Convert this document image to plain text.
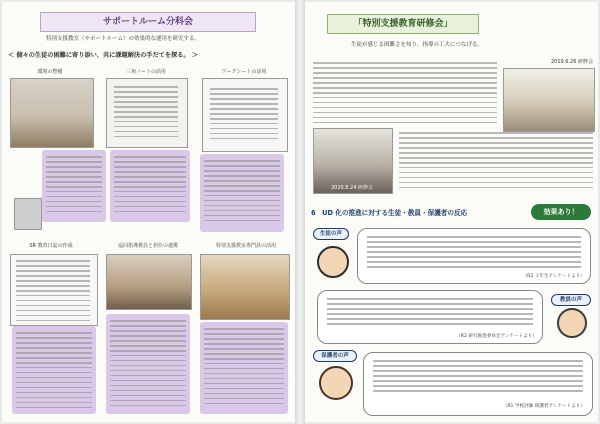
サポートルーム分科会
特別支援教室（サポートルーム）の効果的な運用を研究する。
＜ 個々の生徒の困難に寄り添い、共に課題解決の手だてを探る。 ＞
環境の整備	三角ノートの活用	ワークシートの活用
SR 教育日誌の作成	巡回指導教員と担任の連携	特別支援教室専門員の活用
「特別支援教育研修会」
生徒が感じる困難さを知り、指導の工夫につなげる。
2019.6.26 研修会
2020.8.24 研修会
6　UD 化の推進に対する生徒・教員・保護者の反応	効果あり！
生徒の声
（R2 ３年生アンケートより）
教員の声
（R2 研究推進委員会アンケートより）
保護者の声
（R1 学校評価 保護者アンケートより）
